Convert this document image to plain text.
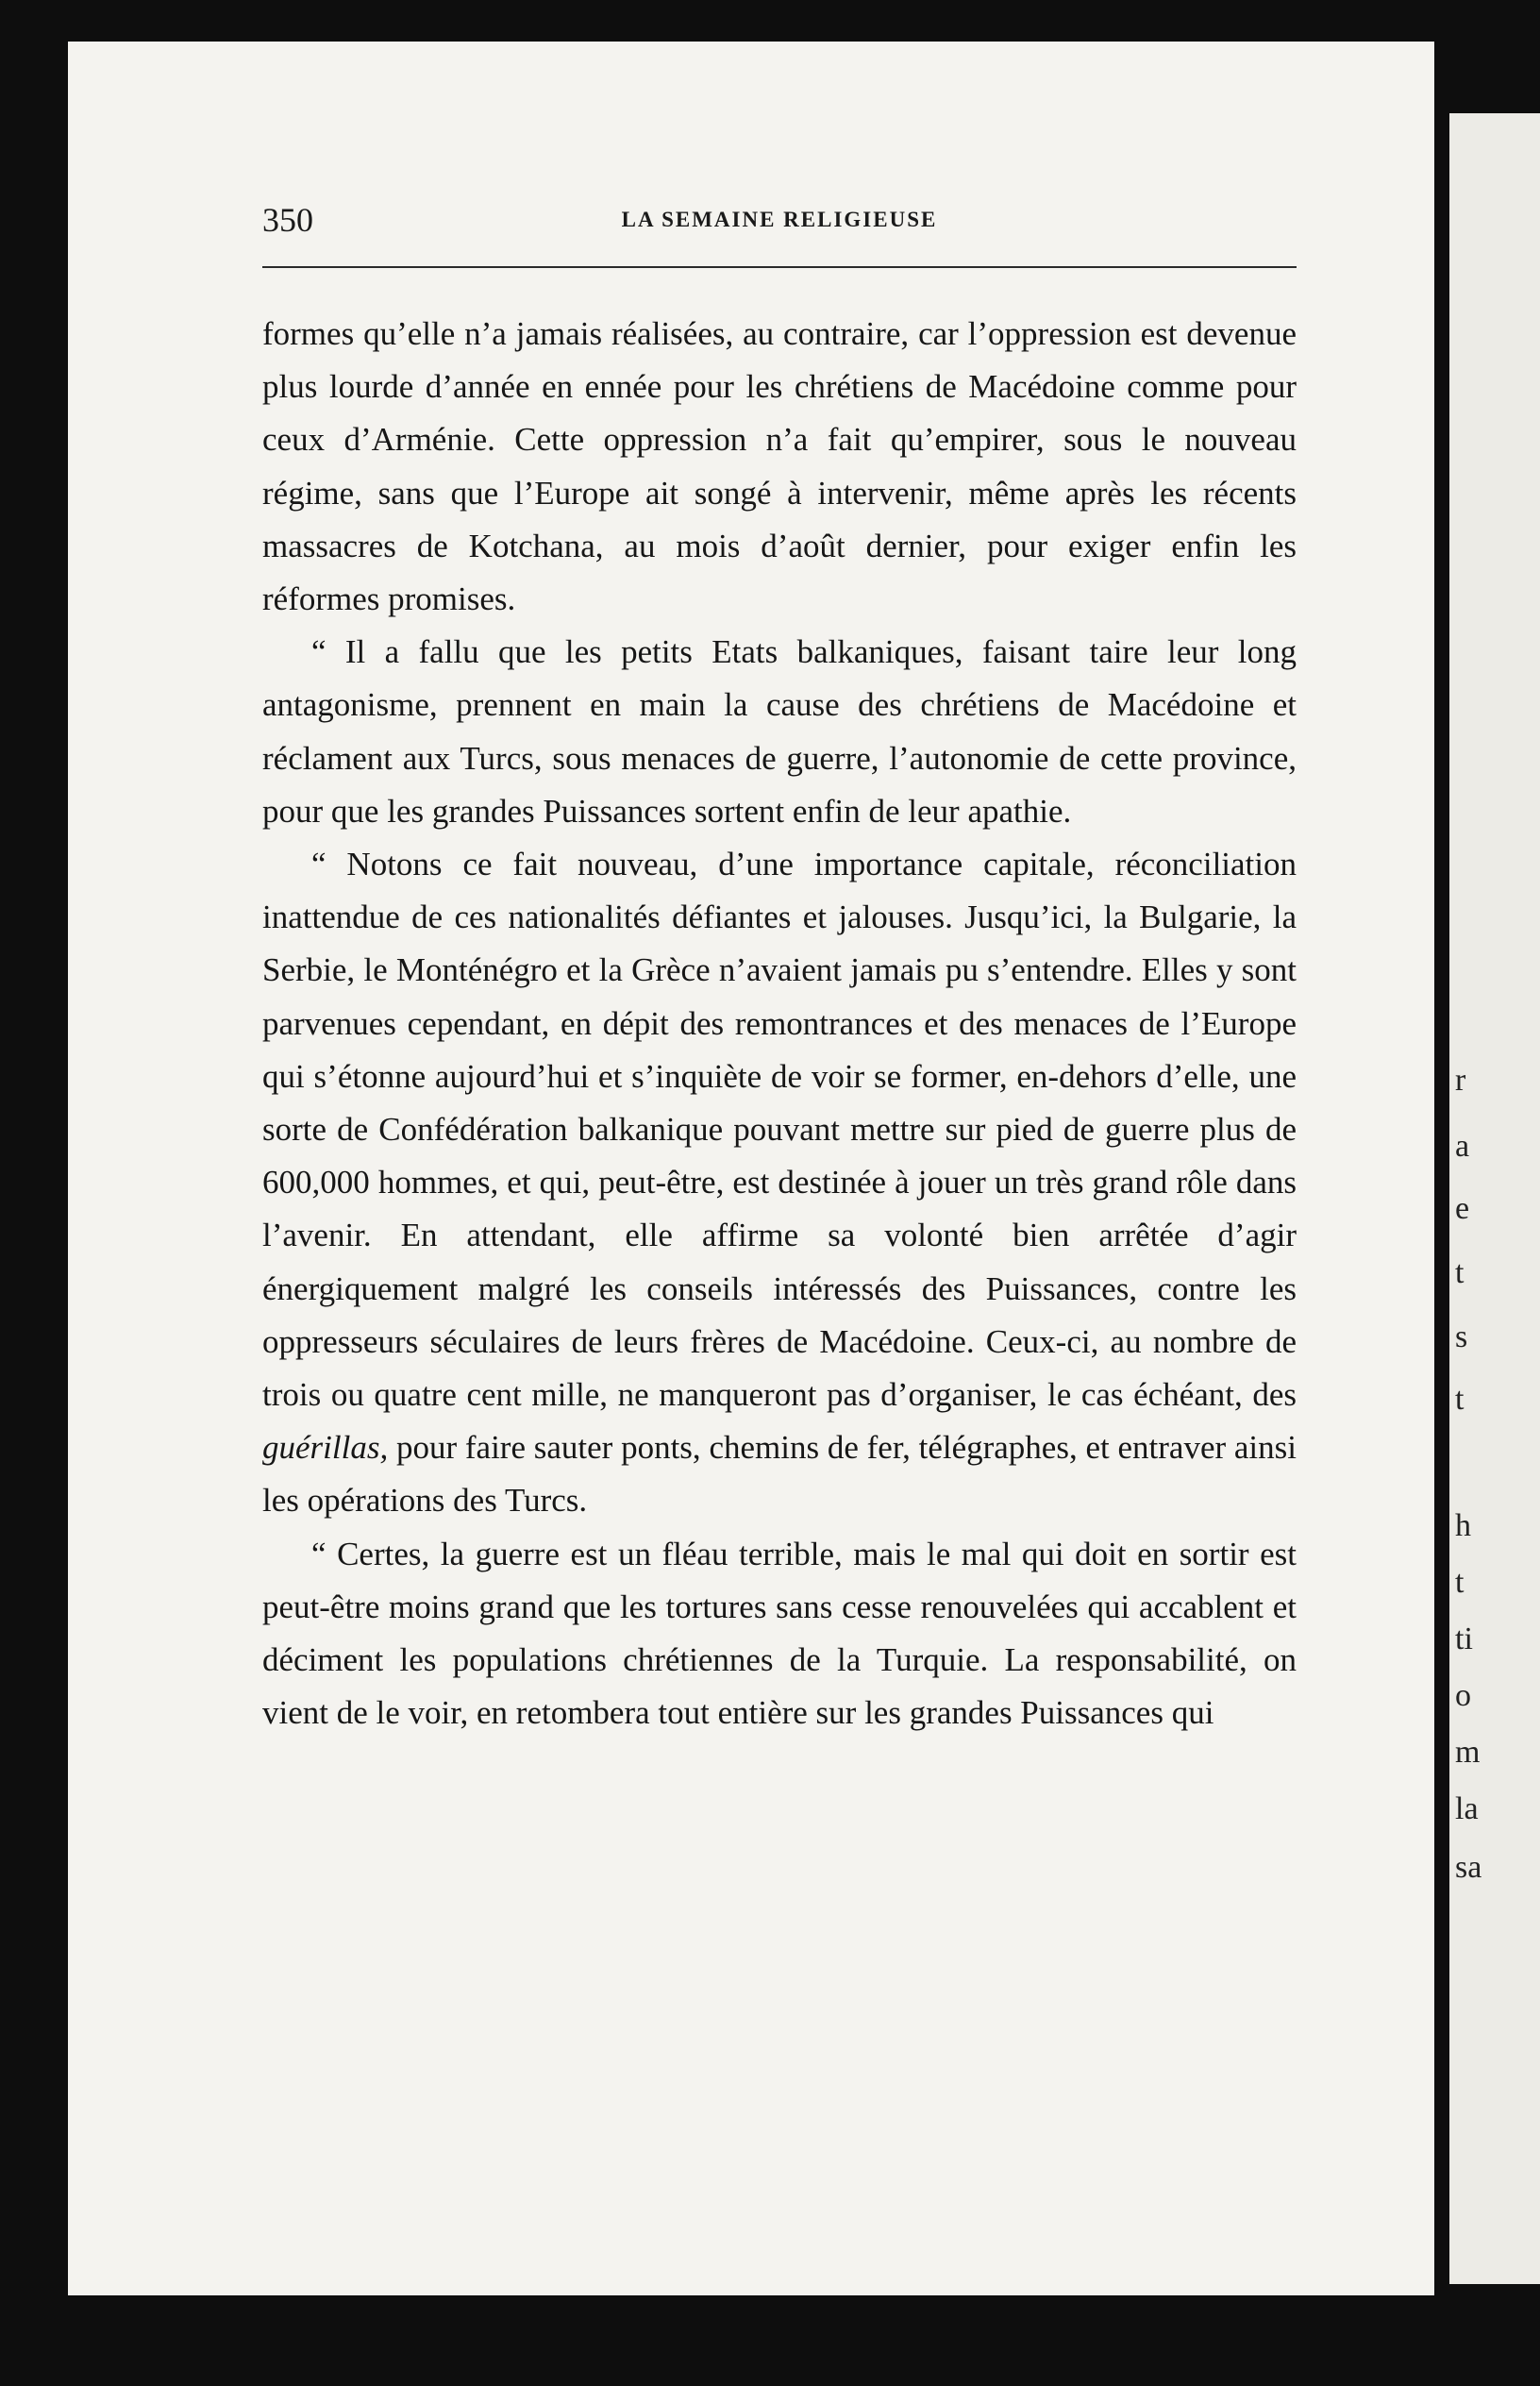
r
a
e
t
s
t
h
t
ti
o
m
la
sa
350	LA SEMAINE RELIGIEUSE

formes qu’elle n’a jamais réalisées, au contraire, car l’oppression est devenue plus lourde d’année en ennée pour les chrétiens de Macédoine comme pour ceux d’Arménie. Cette oppression n’a fait qu’empirer, sous le nouveau régime, sans que l’Europe ait songé à intervenir, même après les récents massacres de Kotchana, au mois d’août dernier, pour exiger enfin les réformes promises.

“ Il a fallu que les petits Etats balkaniques, faisant taire leur long antagonisme, prennent en main la cause des chrétiens de Macédoine et réclament aux Turcs, sous menaces de guerre, l’autonomie de cette province, pour que les grandes Puissances sortent enfin de leur apathie.

“ Notons ce fait nouveau, d’une importance capitale, réconciliation inattendue de ces nationalités défiantes et jalouses. Jusqu’ici, la Bulgarie, la Serbie, le Monténégro et la Grèce n’avaient jamais pu s’entendre. Elles y sont parvenues cependant, en dépit des remontrances et des menaces de l’Europe qui s’étonne aujourd’hui et s’inquiète de voir se former, en-dehors d’elle, une sorte de Confédération balkanique pouvant mettre sur pied de guerre plus de 600,000 hommes, et qui, peut-être, est destinée à jouer un très grand rôle dans l’avenir. En attendant, elle affirme sa volonté bien arrêtée d’agir énergiquement malgré les conseils intéressés des Puissances, contre les oppresseurs séculaires de leurs frères de Macédoine. Ceux-ci, au nombre de trois ou quatre cent mille, ne manqueront pas d’organiser, le cas échéant, des guérillas, pour faire sauter ponts, chemins de fer, télégraphes, et entraver ainsi les opérations des Turcs.

“ Certes, la guerre est un fléau terrible, mais le mal qui doit en sortir est peut-être moins grand que les tortures sans cesse renouvelées qui accablent et déciment les populations chrétiennes de la Turquie. La responsabilité, on vient de le voir, en retombera tout entière sur les grandes Puissances qui
